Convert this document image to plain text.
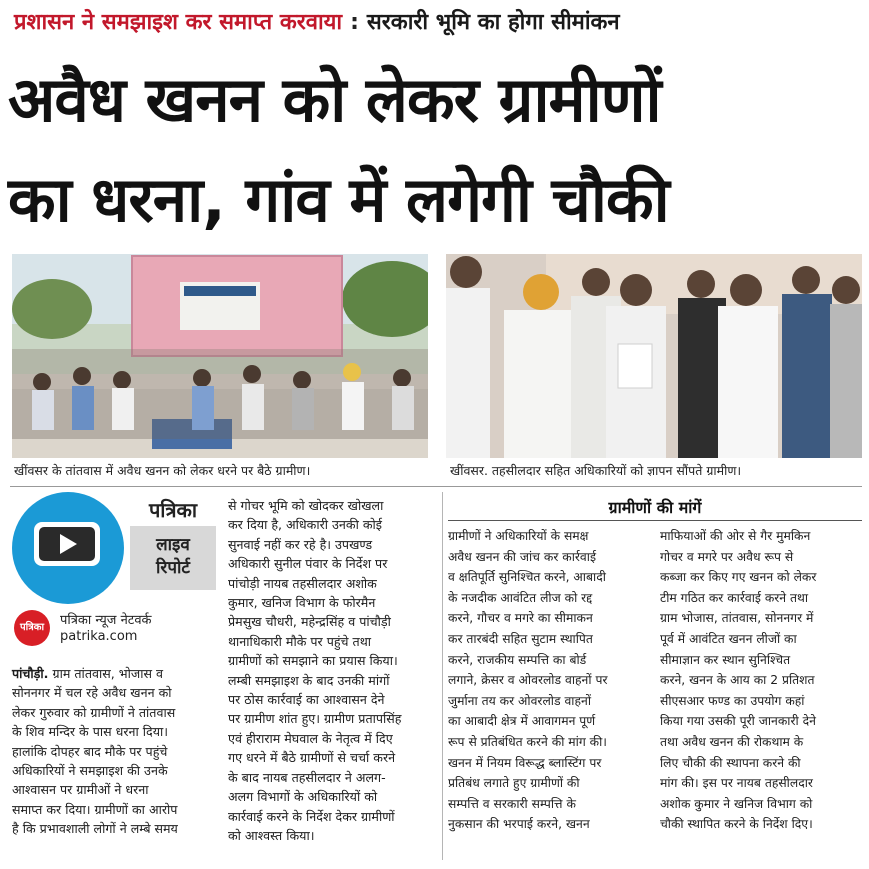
प्रशासन ने समझाइश कर समाप्त करवाया : सरकारी भूमि का होगा सीमांकन
अवैध खनन को लेकर ग्रामीणों
का धरना, गांव में लगेगी चौकी
खींवसर के तांतवास में अवैध खनन को लेकर धरने पर बैठे ग्रामीण।	खींवसर. तहसीलदार सहित अधिकारियों को ज्ञापन सौंपते ग्रामीण।
पत्रिका
लाइव
रिपोर्ट
पत्रिका	पत्रिका न्यूज नेटवर्क
patrika.com

पांचौड़ी. ग्राम तांतवास, भोजास व

सोननगर में चल रहे अवैध खनन को

लेकर गुरुवार को ग्रामीणों ने तांतवास

के शिव मन्दिर के पास धरना दिया।

हालांकि दोपहर बाद मौके पर पहुंचे

अधिकारियों ने समझाइश की उनके

आश्वासन पर ग्रामीओं ने धरना

समाप्त कर दिया। ग्रामीणों का आरोप

है कि प्रभावशाली लोगों ने लम्बे समय

से गोचर भूमि को खोदकर खोखला

कर दिया है, अधिकारी उनकी कोई

सुनवाई नहीं कर रहे है। उपखण्ड

अधिकारी सुनील पंवार के निर्देश पर

पांचोड़ी नायब तहसीलदार अशोक

कुमार, खनिज विभाग के फोरमैन

प्रेमसुख चौधरी, महेन्द्रसिंह व पांचौड़ी

थानाधिकारी मौके पर पहुंचे तथा

ग्रामीणों को समझाने का प्रयास किया।

लम्बी समझाइश के बाद उनकी मांगों

पर ठोस कार्रवाई का आश्वासन देने

पर ग्रामीण शांत हुए। ग्रामीण प्रतापसिंह

एवं हीराराम मेघवाल के नेतृत्व में दिए

गए धरने में बैठे ग्रामीणों से चर्चा करने

के बाद नायब तहसीलदार ने अलग-

अलग विभागों के अधिकारियों को

कार्रवाई करने के निर्देश देकर ग्रामीणों

को आश्वस्त किया।

ग्रामीणों की मांगें

ग्रामीणों ने अधिकारियों के समक्ष

अवैध खनन की जांच कर कार्रवाई

व क्षतिपूर्ति सुनिश्चित करने, आबादी

के नजदीक आवंटित लीज को रद्द

करने, गौचर व मगरे का सीमाकन

कर तारबंदी सहित सुटाम स्थापित

करने, राजकीय सम्पत्ति का बोर्ड

लगाने, क्रेसर व ओवरलोड वाहनों पर

जुर्माना तय कर ओवरलोड वाहनों

का आबादी क्षेत्र में आवागमन पूर्ण

रूप से प्रतिबंधित करने की मांग की।

खनन में नियम विरूद्ध ब्लास्टिंग पर

प्रतिबंध लगाते हुए ग्रामीणों की

सम्पत्ति व सरकारी सम्पत्ति के

नुकसान की भरपाई करने, खनन

माफियाओं की ओर से गैर मुमकिन

गोचर व मगरे पर अवैध रूप से

कब्जा कर किए गए खनन को लेकर

टीम गठित कर कार्रवाई करने तथा

ग्राम भोजास, तांतवास, सोननगर में

पूर्व में आवंटित खनन लीजों का

सीमाज्ञान कर स्थान सुनिश्चित

करने, खनन के आय का 2 प्रतिशत

सीएसआर फण्ड का उपयोग कहां

किया गया उसकी पूरी जानकारी देने

तथा अवैध खनन की रोकथाम के

लिए चौकी की स्थापना करने की

मांग की। इस पर नायब तहसीलदार

अशोक कुमार ने खनिज विभाग को

चौकी स्थापित करने के निर्देश दिए।
